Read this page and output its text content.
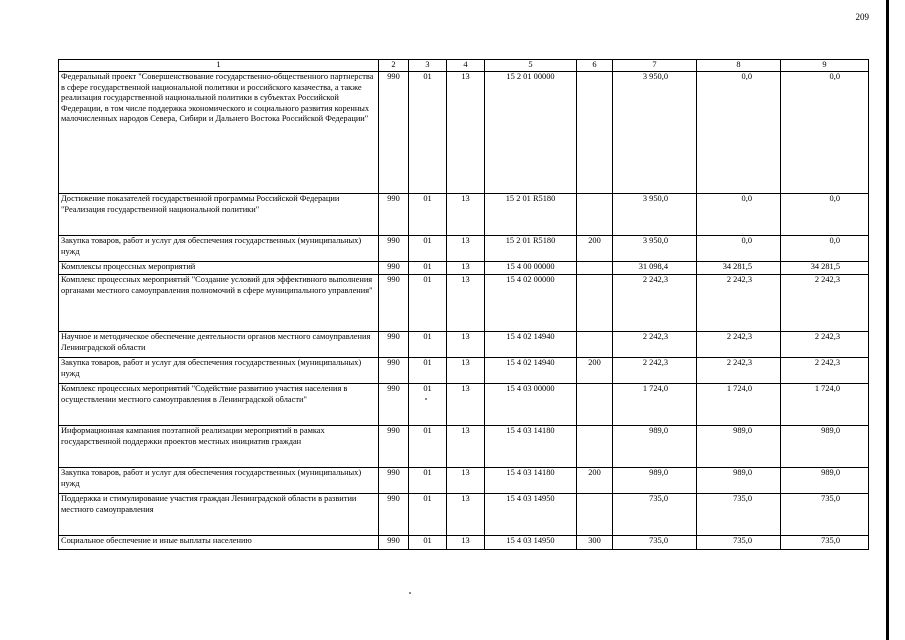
209
1	2	3	4	5	6	7	8	9
Федеральный проект "Совершенствование государственно-общественного партнерства в сфере государственной национальной политики и российского казачества, а также реализация государственной национальной политики в субъектах Российской Федерации, в том числе поддержка экономического и социального развития коренных малочисленных народов Севера, Сибири и Дальнего Востока Российской Федерации"	990	01	13	15 2 01 00000		3 950,0	0,0	0,0
Достижение показателей государственной программы Российской Федерации "Реализация государственной национальной политики"	990	01	13	15 2 01 R5180		3 950,0	0,0	0,0
Закупка товаров, работ и услуг для обеспечения государственных (муниципальных) нужд	990	01	13	15 2 01 R5180	200	3 950,0	0,0	0,0
Комплексы процессных мероприятий	990	01	13	15 4 00 00000		31 098,4	34 281,5	34 281,5
Комплекс процессных мероприятий "Создание условий для эффективного выполнения органами местного самоуправления полномочий в сфере муниципального управления"	990	01	13	15 4 02 00000		2 242,3	2 242,3	2 242,3
Научное и методическое обеспечение деятельности органов местного самоуправления Ленинградской области	990	01	13	15 4 02 14940		2 242,3	2 242,3	2 242,3
Закупка товаров, работ и услуг для обеспечения государственных (муниципальных) нужд	990	01	13	15 4 02 14940	200	2 242,3	2 242,3	2 242,3
Комплекс процессных мероприятий "Содействие развитию участия населения в осуществлении местного самоуправления в Ленинградской области"	990	01	13	15 4 03 00000		1 724,0	1 724,0	1 724,0
Информационная кампания поэтапной реализации мероприятий в рамках государственной поддержки проектов местных инициатив граждан	990	01	13	15 4 03 14180		989,0	989,0	989,0
Закупка товаров, работ и услуг для обеспечения государственных (муниципальных) нужд	990	01	13	15 4 03 14180	200	989,0	989,0	989,0
Поддержка и стимулирование участия граждан Ленинградской области в развитии местного самоуправления	990	01	13	15 4 03 14950		735,0	735,0	735,0
Социальное обеспечение и иные выплаты населению	990	01	13	15 4 03 14950	300	735,0	735,0	735,0
